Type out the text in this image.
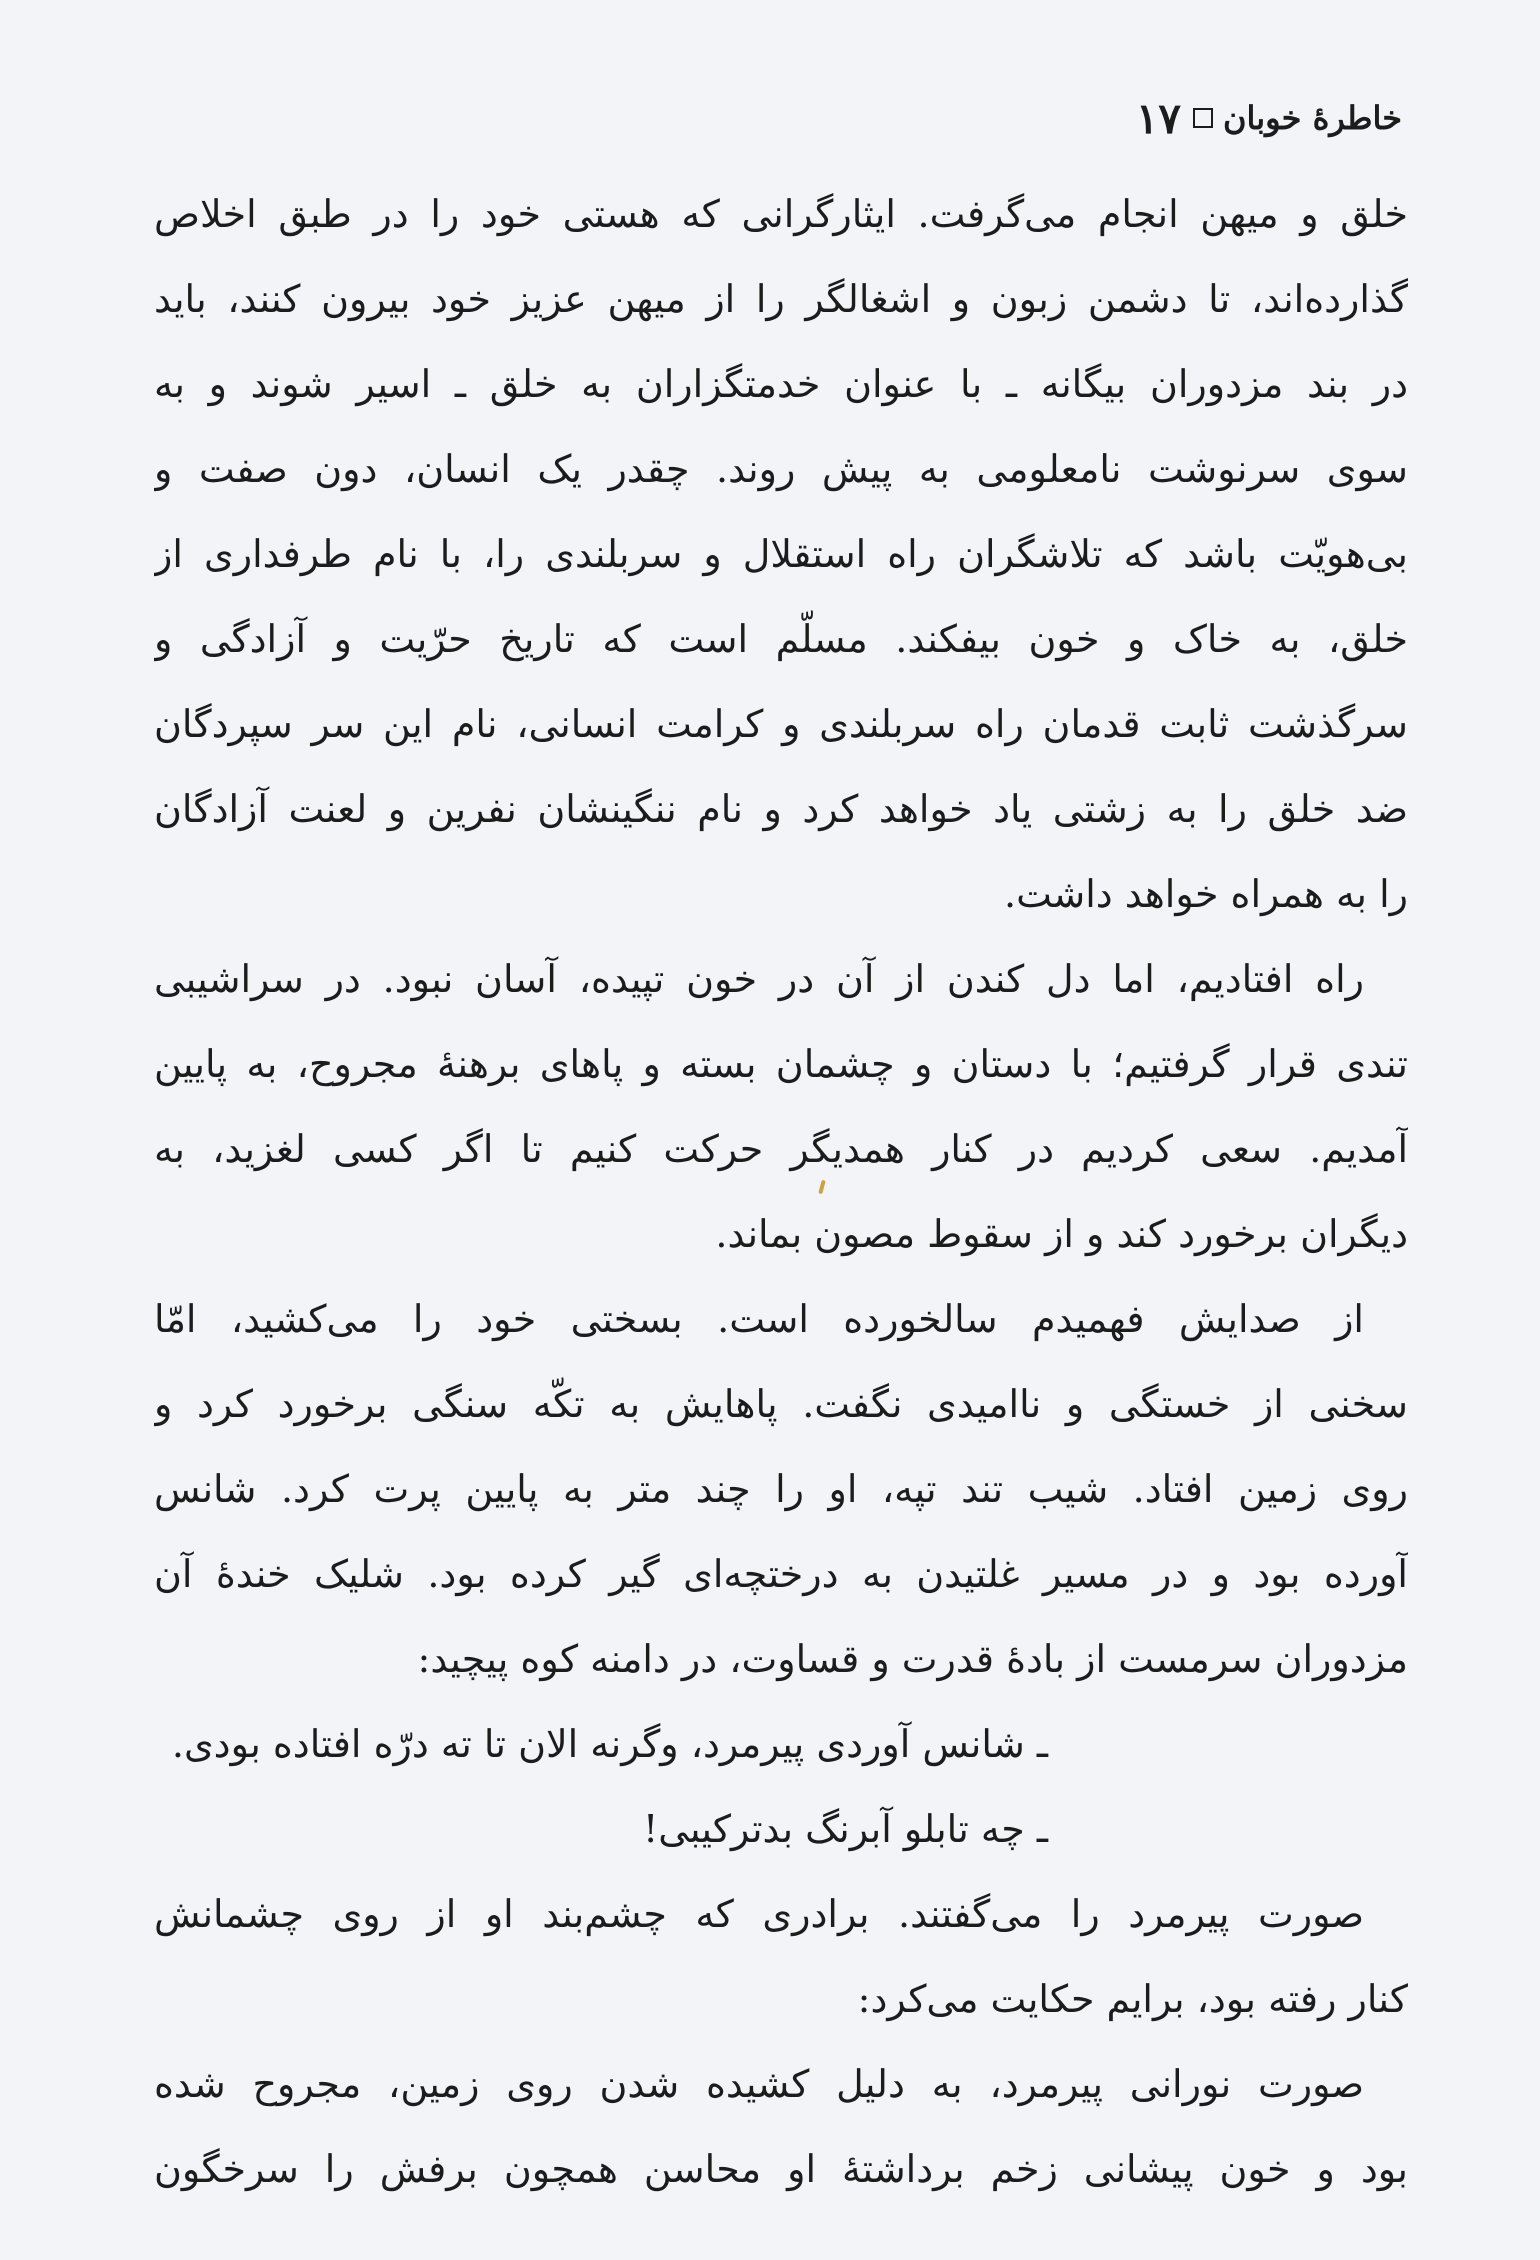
خاطرهٔ خوبان
۱۷
خلق و میهن انجام می‌گرفت. ایثارگرانی که هستی خود را در طبق اخلاص
گذارده‌اند، تا دشمن زبون و اشغالگر را از میهن عزیز خود بیرون کنند، باید
در بند مزدوران بیگانه ـ با عنوان خدمتگزاران به خلق ـ اسیر شوند و به
سوی سرنوشت نامعلومی به پیش روند. چقدر یک انسان، دون صفت و
بی‌هویّت باشد که تلاشگران راه استقلال و سربلندی را، با نام طرفداری از
خلق، به خاک و خون بیفکند. مسلّم است که تاریخ حرّیت و آزادگی و
سرگذشت ثابت قدمان راه سربلندی و کرامت انسانی، نام این سر سپردگان
ضد خلق را به زشتی یاد خواهد کرد و نام ننگینشان نفرین و لعنت آزادگان
را به همراه خواهد داشت.
راه افتادیم، اما دل کندن از آن در خون تپیده، آسان نبود. در سراشیبی
تندی قرار گرفتیم؛ با دستان و چشمان بسته و پاهای برهنهٔ مجروح، به پایین
آمدیم. سعی کردیم در کنار همدیگر حرکت کنیم تا اگر کسی لغزید، به
دیگران برخورد کند و از سقوط مصون بماند.
از صدایش فهمیدم سالخورده است. بسختی خود را می‌کشید، امّا
سخنی از خستگی و ناامیدی نگفت. پاهایش به تکّه سنگی برخورد کرد و
روی زمین افتاد. شیب تند تپه، او را چند متر به پایین پرت کرد. شانس
آورده بود و در مسیر غلتیدن به درختچه‌ای گیر کرده بود. شلیک خندهٔ آن
مزدوران سرمست از بادهٔ قدرت و قساوت، در دامنه کوه پیچید:
ـ شانس آوردی پیرمرد، وگرنه الان تا ته درّه افتاده بودی.
ـ چه تابلو آبرنگ بدترکیبی!
صورت پیرمرد را می‌گفتند. برادری که چشم‌بند او از روی چشمانش
کنار رفته بود، برایم حکایت می‌کرد:
صورت نورانی پیرمرد، به دلیل کشیده شدن روی زمین، مجروح شده
بود و خون پیشانی زخم برداشتهٔ او محاسن همچون برفش را سرخگون
